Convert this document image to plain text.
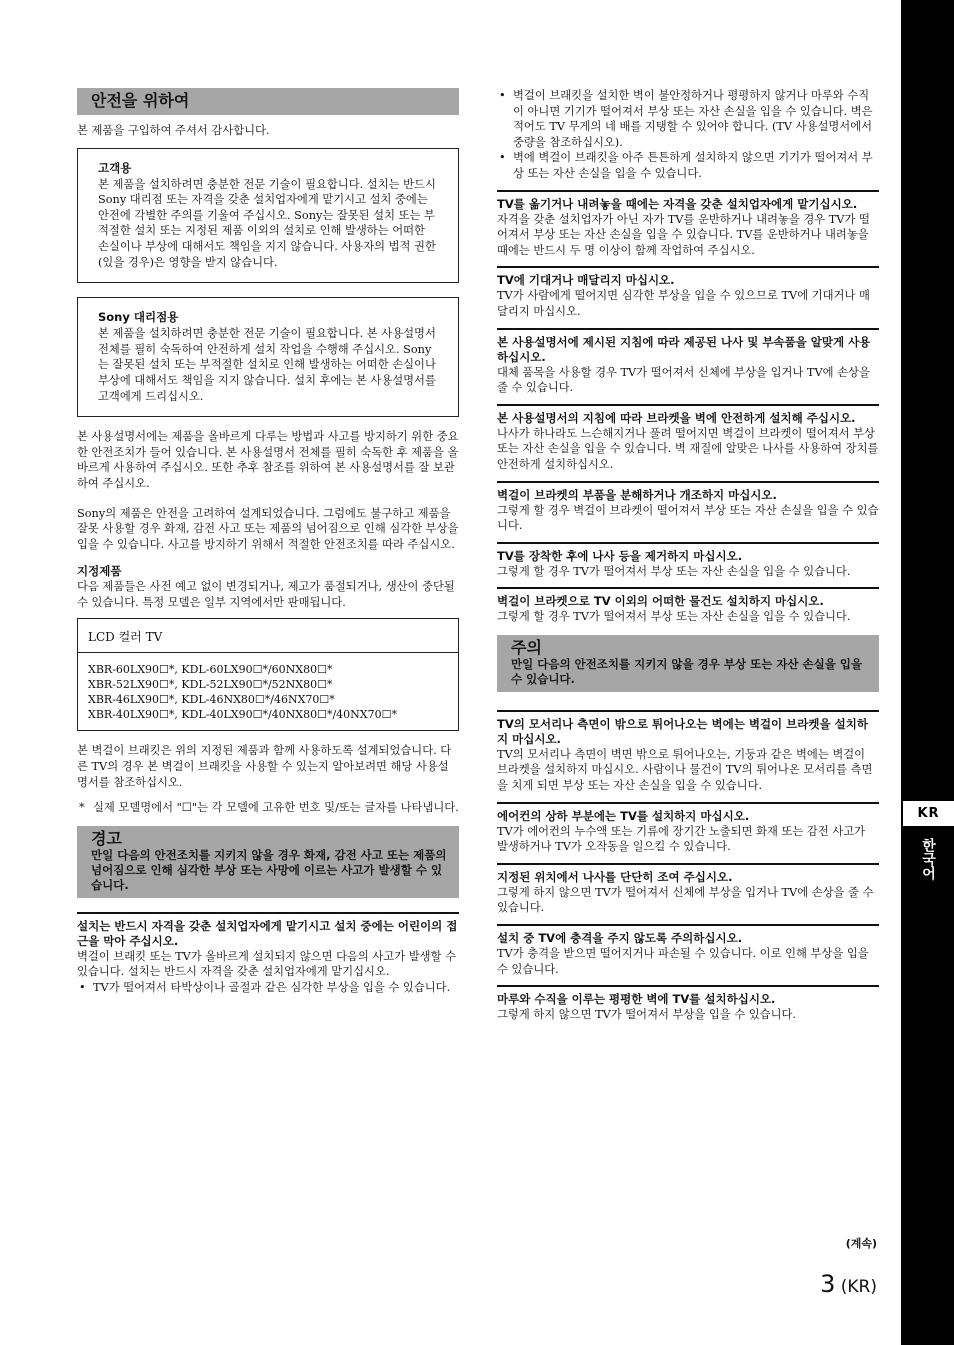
안전을 위하여

본 제품을 구입하여 주셔서 감사합니다.

고객용

본 제품을 설치하려면 충분한 전문 기술이 필요합니다. 설치는 반드시 Sony 대리점 또는 자격을 갖춘 설치업자에게 맡기시고 설치 중에는 안전에 각별한 주의를 기울여 주십시오. Sony는 잘못된 설치 또는 부적절한 설치 또는 지정된 제품 이외의 설치로 인해 발생하는 어떠한 손실이나 부상에 대해서도 책임을 지지 않습니다. 사용자의 법적 권한(있을 경우)은 영향을 받지 않습니다.

Sony 대리점용

본 제품을 설치하려면 충분한 전문 기술이 필요합니다. 본 사용설명서 전체를 필히 숙독하여 안전하게 설치 작업을 수행해 주십시오. Sony는 잘못된 설치 또는 부적절한 설치로 인해 발생하는 어떠한 손실이나 부상에 대해서도 책임을 지지 않습니다. 설치 후에는 본 사용설명서를 고객에게 드리십시오.

본 사용설명서에는 제품을 올바르게 다루는 방법과 사고를 방지하기 위한 중요한 안전조치가 들어 있습니다. 본 사용설명서 전체를 필히 숙독한 후 제품을 올바르게 사용하여 주십시오. 또한 추후 참조를 위하여 본 사용설명서를 잘 보관하여 주십시오.

Sony의 제품은 안전을 고려하여 설계되었습니다. 그럼에도 불구하고 제품을 잘못 사용할 경우 화재, 감전 사고 또는 제품의 넘어짐으로 인해 심각한 부상을 입을 수 있습니다. 사고를 방지하기 위해서 적절한 안전조치를 따라 주십시오.

지정제품

다음 제품들은 사전 예고 없이 변경되거나, 제고가 품절되거나, 생산이 중단될 수 있습니다. 특정 모델은 일부 지역에서만 판매됩니다.

LCD 컬러 TV
XBR-60LX90☐*, KDL-60LX90☐*/60NX80☐*
XBR-52LX90☐*, KDL-52LX90☐*/52NX80☐*
XBR-46LX90☐*, KDL-46NX80☐*/46NX70☐*
XBR-40LX90☐*, KDL-40LX90☐*/40NX80☐*/40NX70☐*

본 벽걸이 브래킷은 위의 지정된 제품과 함께 사용하도록 설계되었습니다. 다른 TV의 경우 본 벽걸이 브래킷을 사용할 수 있는지 알아보려면 해당 사용설명서를 참조하십시오.

* 실제 모델명에서 "☐"는 각 모델에 고유한 번호 및/또는 글자를 나타냅니다.

경고
만일 다음의 안전조치를 지키지 않을 경우 화재, 감전 사고 또는 제품의 넘어짐으로 인해 심각한 부상 또는 사망에 이르는 사고가 발생할 수 있습니다.
설치는 반드시 자격을 갖춘 설치업자에게 맡기시고 설치 중에는 어린이의 접근을 막아 주십시오.

벽걸이 브래킷 또는 TV가 올바르게 설치되지 않으면 다음의 사고가 발생할 수 있습니다. 설치는 반드시 자격을 갖춘 설치업자에게 맡기십시오.

• TV가 떨어져서 타박상이나 골절과 같은 심각한 부상을 입을 수 있습니다.
• 벽걸이 브래킷을 설치한 벽이 불안정하거나 평평하지 않거나 마루와 수직이 아니면 기기가 떨어져서 부상 또는 자산 손실을 입을 수 있습니다. 벽은 적어도 TV 무게의 네 배를 지탱할 수 있어야 합니다. (TV 사용설명서에서 중량을 참조하십시오).
• 벽에 벽걸이 브래킷을 아주 튼튼하게 설치하지 않으면 기기가 떨어져서 부상 또는 자산 손실을 입을 수 있습니다.
TV를 옮기거나 내려놓을 때에는 자격을 갖춘 설치업자에게 맡기십시오.

자격을 갖춘 설치업자가 아닌 자가 TV를 운반하거나 내려놓을 경우 TV가 떨어져서 부상 또는 자산 손실을 입을 수 있습니다. TV를 운반하거나 내려놓을 때에는 반드시 두 명 이상이 함께 작업하여 주십시오.

TV에 기대거나 매달리지 마십시오.

TV가 사람에게 떨어지면 심각한 부상을 입을 수 있으므로 TV에 기대거나 매달리지 마십시오.

본 사용설명서에 제시된 지침에 따라 제공된 나사 및 부속품을 알맞게 사용하십시오.

대체 품목을 사용할 경우 TV가 떨어져서 신체에 부상을 입거나 TV에 손상을 줄 수 있습니다.

본 사용설명서의 지침에 따라 브라켓을 벽에 안전하게 설치해 주십시오.

나사가 하나라도 느슨해지거나 풀려 떨어지면 벽걸이 브라켓이 떨어져서 부상 또는 자산 손실을 입을 수 있습니다. 벽 재질에 알맞은 나사를 사용하여 장치를 안전하게 설치하십시오.

벽걸이 브라켓의 부품을 분해하거나 개조하지 마십시오.

그렇게 할 경우 벽걸이 브라켓이 떨어져서 부상 또는 자산 손실을 입을 수 있습니다.

TV를 장착한 후에 나사 등을 제거하지 마십시오.

그렇게 할 경우 TV가 떨어져서 부상 또는 자산 손실을 입을 수 있습니다.

벽걸이 브라켓으로 TV 이외의 어떠한 물건도 설치하지 마십시오.

그렇게 할 경우 TV가 떨어져서 부상 또는 자산 손실을 입을 수 있습니다.

주의
만일 다음의 안전조치를 지키지 않을 경우 부상 또는 자산 손실을 입을 수 있습니다.
TV의 모서리나 측면이 밖으로 튀어나오는 벽에는 벽걸이 브라켓을 설치하지 마십시오.

TV의 모서리나 측면이 벽면 밖으로 튀어나오는, 기둥과 같은 벽에는 벽걸이 브라켓을 설치하지 마십시오. 사람이나 물건이 TV의 튀어나온 모서리를 측면을 치게 되면 부상 또는 자산 손실을 입을 수 있습니다.

에어컨의 상하 부분에는 TV를 설치하지 마십시오.

TV가 에어컨의 누수액 또는 기류에 장기간 노출되면 화재 또는 감전 사고가 발생하거나 TV가 오작동을 일으킬 수 있습니다.

지정된 위치에서 나사를 단단히 조여 주십시오.

그렇게 하지 않으면 TV가 떨어져서 신체에 부상을 입거나 TV에 손상을 줄 수 있습니다.

설치 중 TV에 충격을 주지 않도록 주의하십시오.

TV가 충격을 받으면 떨어지거나 파손될 수 있습니다. 이로 인해 부상을 입을 수 있습니다.

마루와 수직을 이루는 평평한 벽에 TV를 설치하십시오.

그렇게 하지 않으면 TV가 떨어져서 부상을 입을 수 있습니다.

(계속)
3 (KR)
KR
한국어
